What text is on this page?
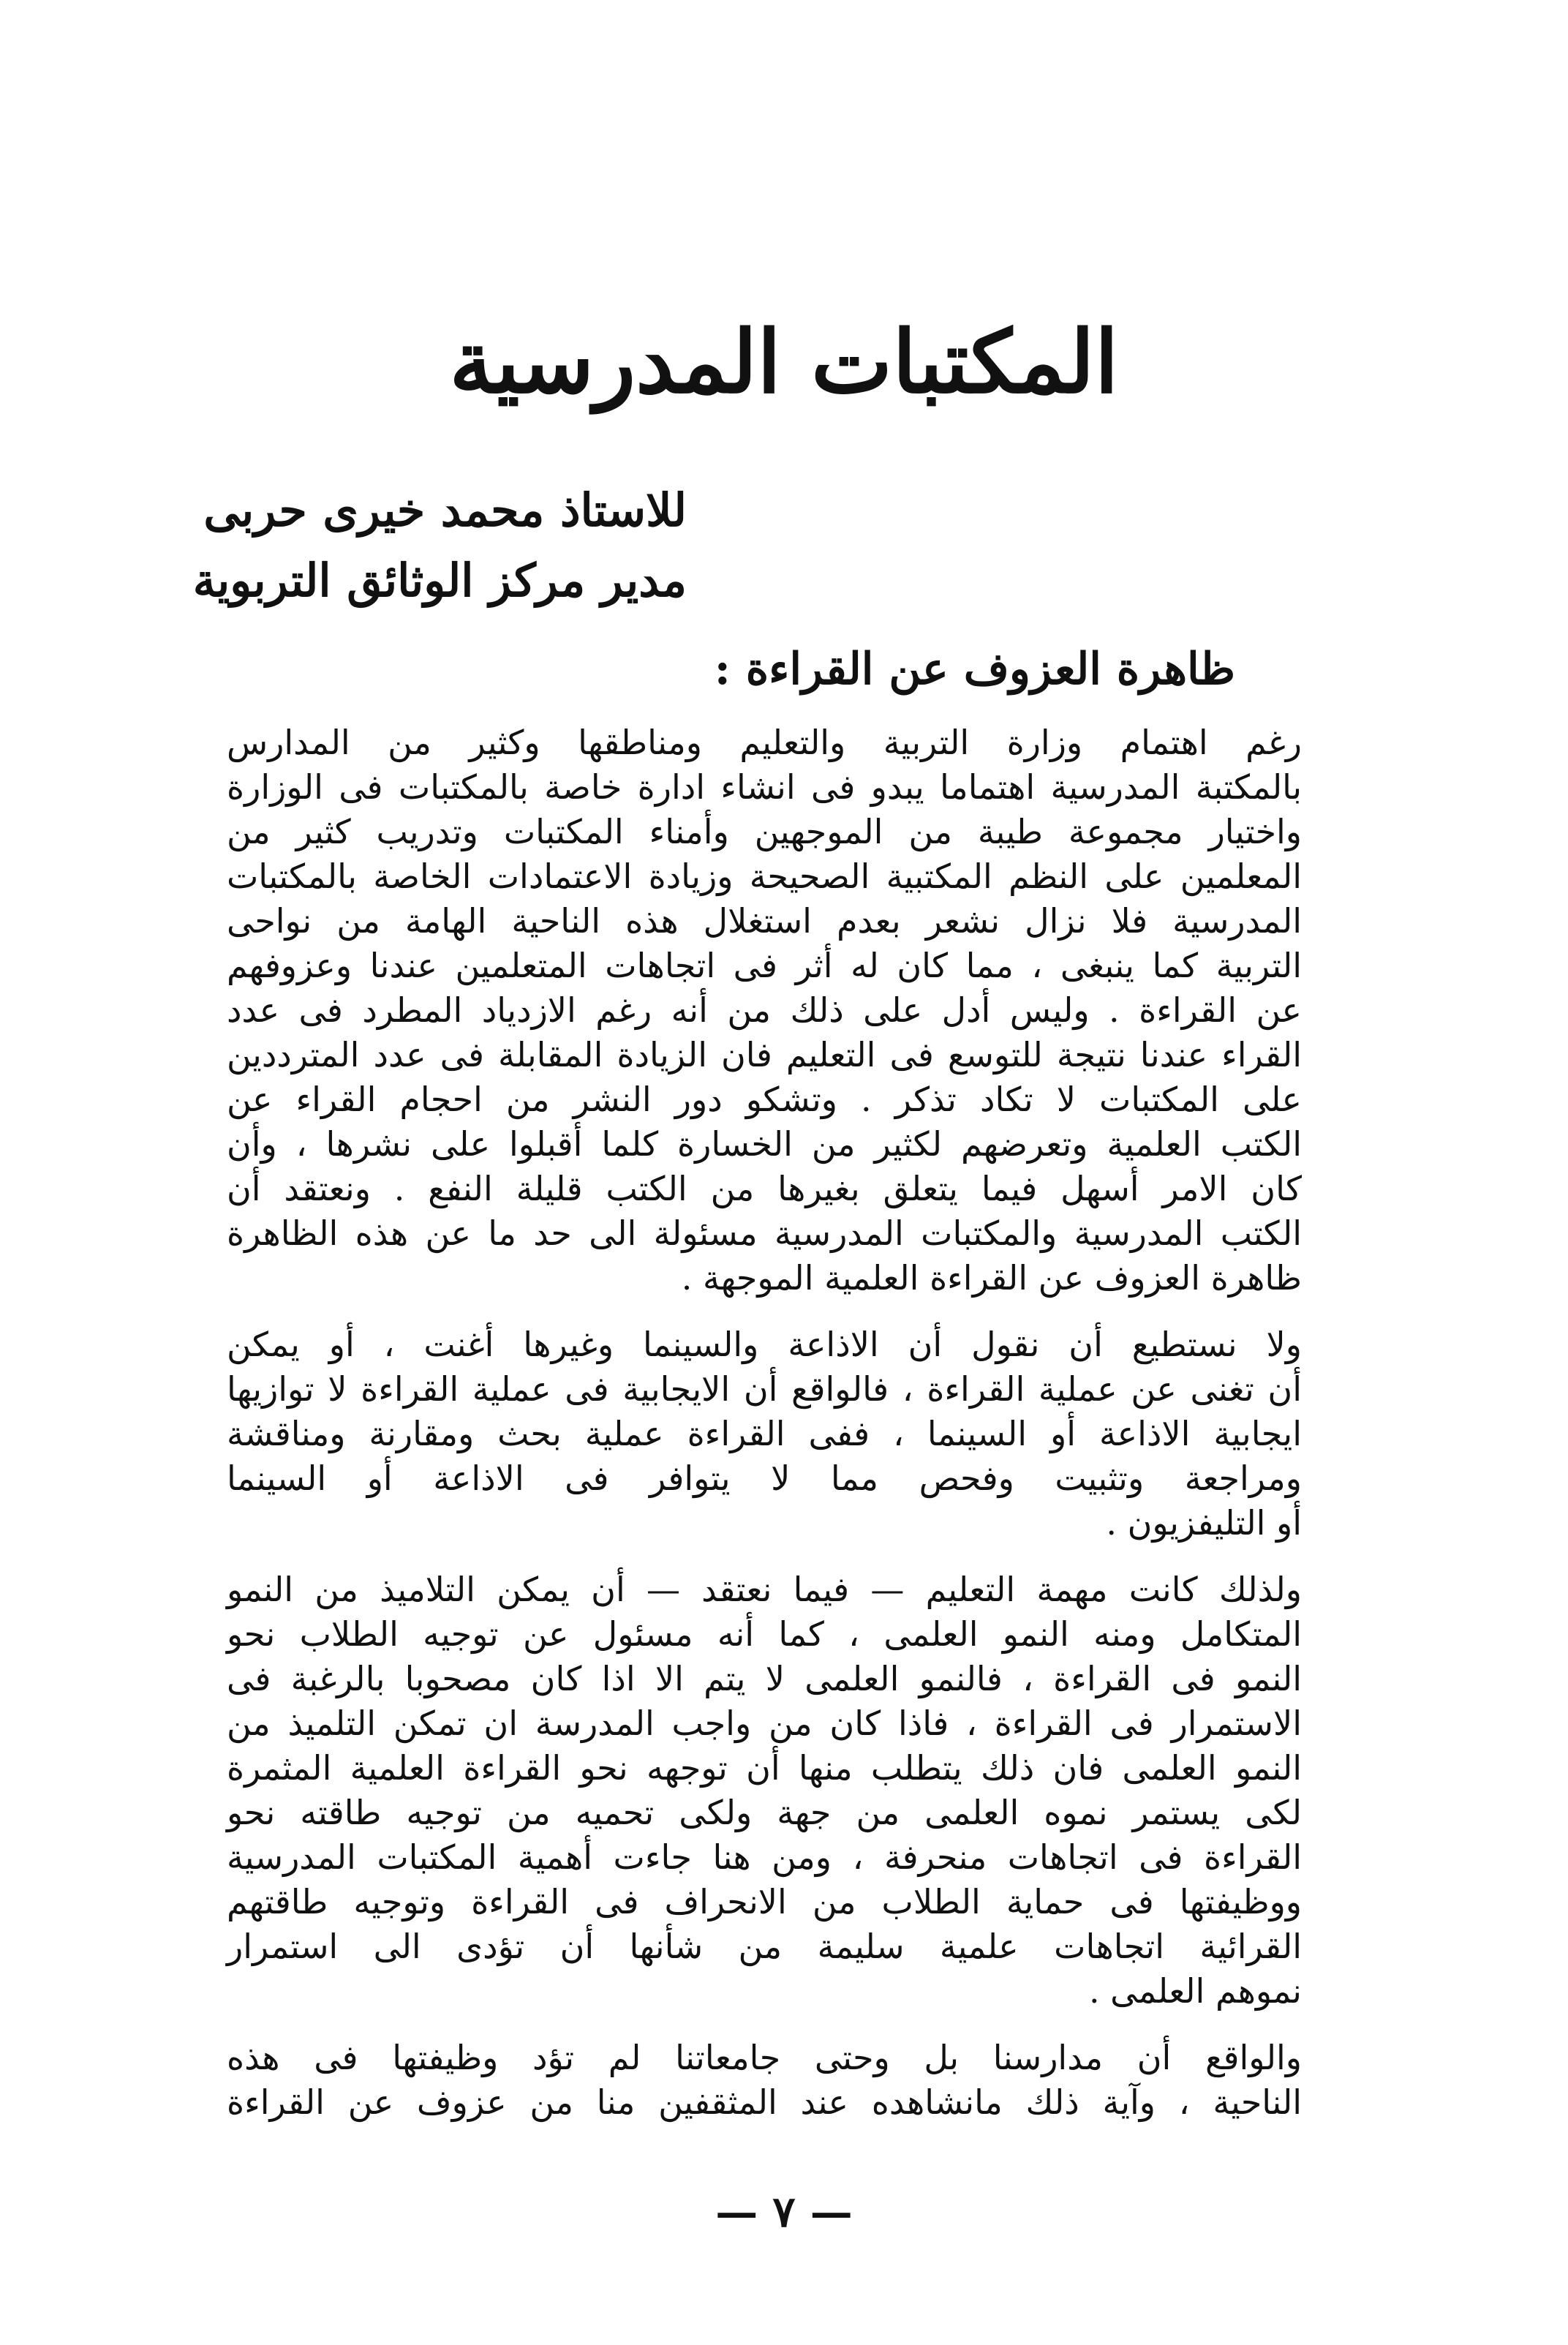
المكتبات المدرسية
للاستاذ محمد خيرى حربى
مدير مركز الوثائق التربوية
ظاهرة العزوف عن القراءة :
رغم اهتمام وزارة التربية والتعليم ومناطقها وكثير من المدارس
بالمكتبة المدرسية اهتماما يبدو فى انشاء ادارة خاصة بالمكتبات فى الوزارة
واختيار مجموعة طيبة من الموجهين وأمناء المكتبات وتدريب كثير من
المعلمين على النظم المكتبية الصحيحة وزيادة الاعتمادات الخاصة بالمكتبات
المدرسية فلا نزال نشعر بعدم استغلال هذه الناحية الهامة من نواحى
التربية كما ينبغى ، مما كان له أثر فى اتجاهات المتعلمين عندنا وعزوفهم
عن القراءة . وليس أدل على ذلك من أنه رغم الازدياد المطرد فى عدد
القراء عندنا نتيجة للتوسع فى التعليم فان الزيادة المقابلة فى عدد المترددين
على المكتبات لا تكاد تذكر . وتشكو دور النشر من احجام القراء عن
الكتب العلمية وتعرضهم لكثير من الخسارة كلما أقبلوا على نشرها ، وأن
كان الامر أسهل فيما يتعلق بغيرها من الكتب قليلة النفع . ونعتقد أن
الكتب المدرسية والمكتبات المدرسية مسئولة الى حد ما عن هذه الظاهرة
ظاهرة العزوف عن القراءة العلمية الموجهة .
ولا نستطيع أن نقول أن الاذاعة والسينما وغيرها أغنت ، أو يمكن
أن تغنى عن عملية القراءة ، فالواقع أن الايجابية فى عملية القراءة لا توازيها
ايجابية الاذاعة أو السينما ، ففى القراءة عملية بحث ومقارنة ومناقشة
ومراجعة وتثبيت وفحص مما لا يتوافر فى الاذاعة أو السينما
أو التليفزيون .
ولذلك كانت مهمة التعليم — فيما نعتقد — أن يمكن التلاميذ من النمو
المتكامل ومنه النمو العلمى ، كما أنه مسئول عن توجيه الطلاب نحو
النمو فى القراءة ، فالنمو العلمى لا يتم الا اذا كان مصحوبا بالرغبة فى
الاستمرار فى القراءة ، فاذا كان من واجب المدرسة ان تمكن التلميذ من
النمو العلمى فان ذلك يتطلب منها أن توجهه نحو القراءة العلمية المثمرة
لكى يستمر نموه العلمى من جهة ولكى تحميه من توجيه طاقته نحو
القراءة فى اتجاهات منحرفة ، ومن هنا جاءت أهمية المكتبات المدرسية
ووظيفتها فى حماية الطلاب من الانحراف فى القراءة وتوجيه طاقتهم
القرائية اتجاهات علمية سليمة من شأنها أن تؤدى الى استمرار
نموهم العلمى .
والواقع أن مدارسنا بل وحتى جامعاتنا لم تؤد وظيفتها فى هذه
الناحية ، وآية ذلك مانشاهده عند المثقفين منا من عزوف عن القراءة
— ٧ —
